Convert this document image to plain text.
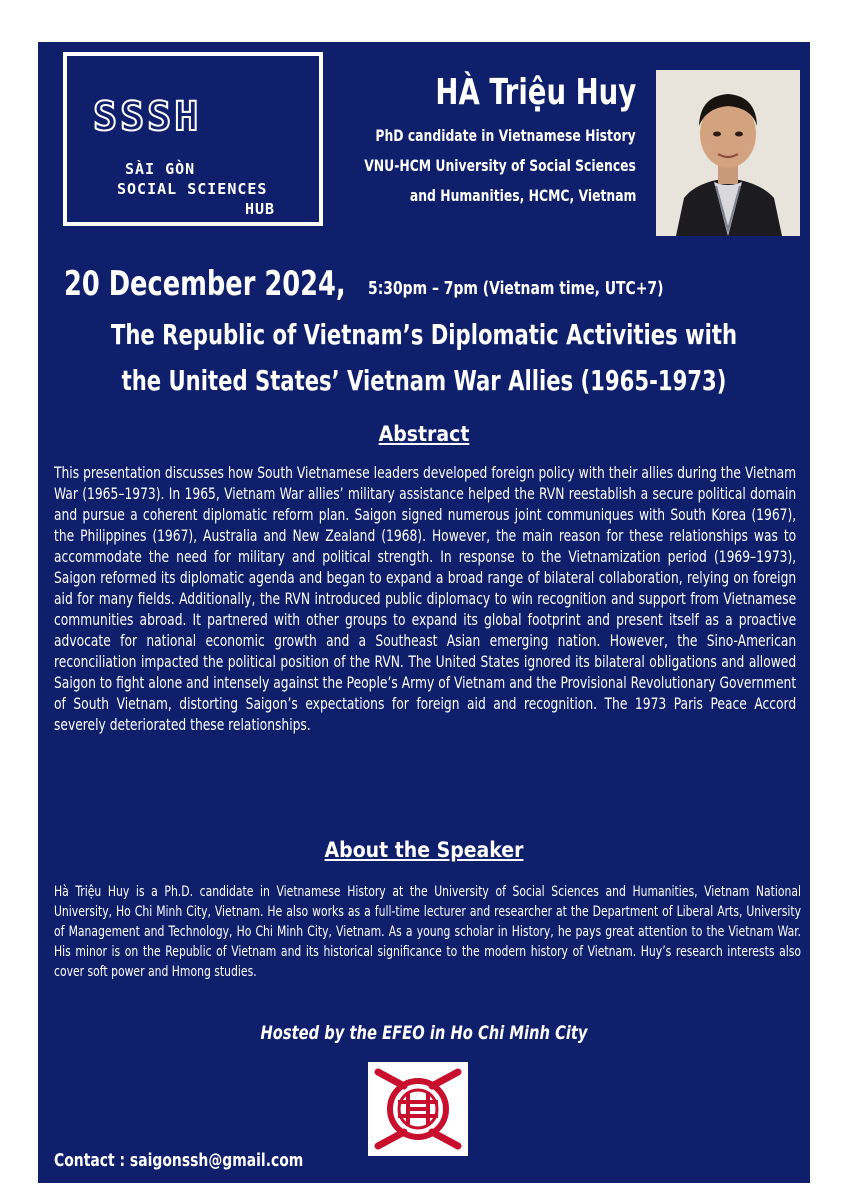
SSSH
SÀI GÒN
SOCIAL SCIENCES
HUB
HÀ Triệu Huy
PhD candidate in Vietnamese History
VNU-HCM University of Social Sciences
and Humanities, HCMC, Vietnam
20 December 2024, 5:30pm – 7pm (Vietnam time, UTC+7)
The Republic of Vietnam’s Diplomatic Activities with
the United States’ Vietnam War Allies (1965-1973)
Abstract
This presentation discusses how South Vietnamese leaders developed foreign policy with their allies during the Vietnam War (1965–1973). In 1965, Vietnam War allies’ military assistance helped the RVN reestablish a secure political domain and pursue a coherent diplomatic reform plan. Saigon signed numerous joint communiques with South Korea (1967), the Philippines (1967), Australia and New Zealand (1968). However, the main reason for these relationships was to accommodate the need for military and political strength. In response to the Vietnamization period (1969–1973), Saigon reformed its diplomatic agenda and began to expand a broad range of bilateral collaboration, relying on foreign aid for many fields. Additionally, the RVN introduced public diplomacy to win recognition and support from Vietnamese communities abroad. It partnered with other groups to expand its global footprint and present itself as a proactive advocate for national economic growth and a Southeast Asian emerging nation. However, the Sino-American reconciliation impacted the political position of the RVN. The United States ignored its bilateral obligations and allowed Saigon to fight alone and intensely against the People’s Army of Vietnam and the Provisional Revolutionary Government of South Vietnam, distorting Saigon’s expectations for foreign aid and recognition. The 1973 Paris Peace Accord severely deteriorated these relationships.
About the Speaker
Hà Triệu Huy is a Ph.D. candidate in Vietnamese History at the University of Social Sciences and Humanities, Vietnam National University, Ho Chi Minh City, Vietnam. He also works as a full-time lecturer and researcher at the Department of Liberal Arts, University of Management and Technology, Ho Chi Minh City, Vietnam. As a young scholar in History, he pays great attention to the Vietnam War. His minor is on the Republic of Vietnam and its historical significance to the modern history of Vietnam. Huy’s research interests also cover soft power and Hmong studies.
Hosted by the EFEO in Ho Chi Minh City
Contact : saigonssh@gmail.com
